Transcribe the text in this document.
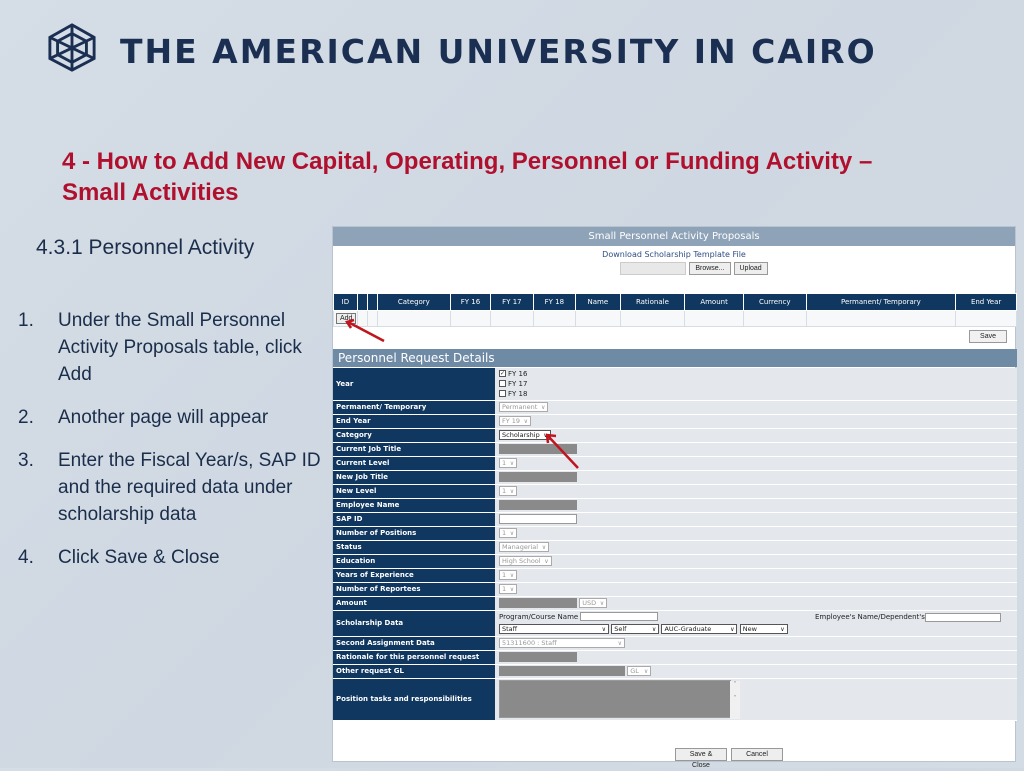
THE AMERICAN UNIVERSITY IN CAIRO
4 - How to Add New Capital, Operating, Personnel or Funding Activity – Small Activities
4.3.1 Personnel Activity
1.	Under the Small Personnel Activity Proposals table, click Add
2.	Another page will appear
3.	Enter the Fiscal Year/s, SAP ID and the required data under scholarship data
4.	Click Save & Close
Small Personnel Activity Proposals
Download Scholarship Template File
Browse...	Upload
ID			Category	FY 16	FY 17	FY 18	Name	Rationale	Amount	Currency	Permanent/ Temporary	End Year
Add												
Save
Personnel Request Details
Year	✓ FY 16
FY 17
FY 18

Permanent/ Temporary	Permanent ∨
End Year	FY 19 ∨
Category	Scholarship ∨
Current Job Title	
Current Level	1 ∨
New Job Title	
New Level	1 ∨
Employee Name	
SAP ID	
Number of Positions	1 ∨
Status	Managerial ∨
Education	High School ∨
Years of Experience	1 ∨
Number of Reportees	1 ∨
Amount	USD ∨
Scholarship Data	Program/Course Name Employee's Name/Dependent's
Staff ∨ Self ∨ AUC-Graduate ∨ New ∨

Second Assignment Data	51311600 : Staff ∨
Rationale for this personnel request	
Other request GL	GL ∨
Position tasks and responsibilities	˄

˅
Save & Close
Cancel
